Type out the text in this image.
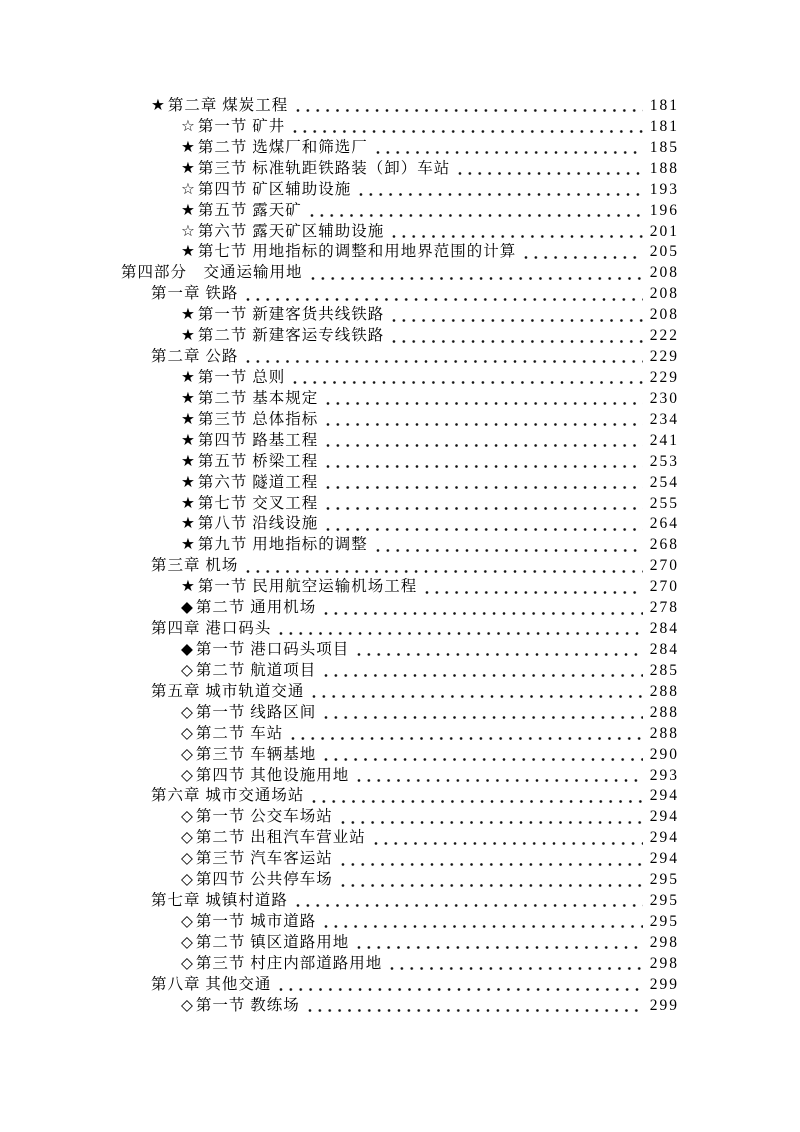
★ 第二章 煤炭工程	181
☆ 第一节 矿井	181
★ 第二节 选煤厂和筛选厂	185
★ 第三节 标准轨距铁路装（卸）车站	188
☆ 第四节 矿区辅助设施	193
★ 第五节 露天矿	196
☆ 第六节 露天矿区辅助设施	201
★ 第七节 用地指标的调整和用地界范围的计算	205
第四部分　交通运输用地	208
第一章 铁路	208
★ 第一节 新建客货共线铁路	208
★ 第二节 新建客运专线铁路	222
第二章 公路	229
★ 第一节 总则	229
★ 第二节 基本规定	230
★ 第三节 总体指标	234
★ 第四节 路基工程	241
★ 第五节 桥梁工程	253
★ 第六节 隧道工程	254
★ 第七节 交叉工程	255
★ 第八节 沿线设施	264
★ 第九节 用地指标的调整	268
第三章 机场	270
★ 第一节 民用航空运输机场工程	270
◆ 第二节 通用机场	278
第四章 港口码头	284
◆ 第一节 港口码头项目	284
◇ 第二节 航道项目	285
第五章 城市轨道交通	288
◇ 第一节 线路区间	288
◇ 第二节 车站	288
◇ 第三节 车辆基地	290
◇ 第四节 其他设施用地	293
第六章 城市交通场站	294
◇ 第一节 公交车场站	294
◇ 第二节 出租汽车营业站	294
◇ 第三节 汽车客运站	294
◇ 第四节 公共停车场	295
第七章 城镇村道路	295
◇ 第一节 城市道路	295
◇ 第二节 镇区道路用地	298
◇ 第三节 村庄内部道路用地	298
第八章 其他交通	299
◇ 第一节 教练场	299
